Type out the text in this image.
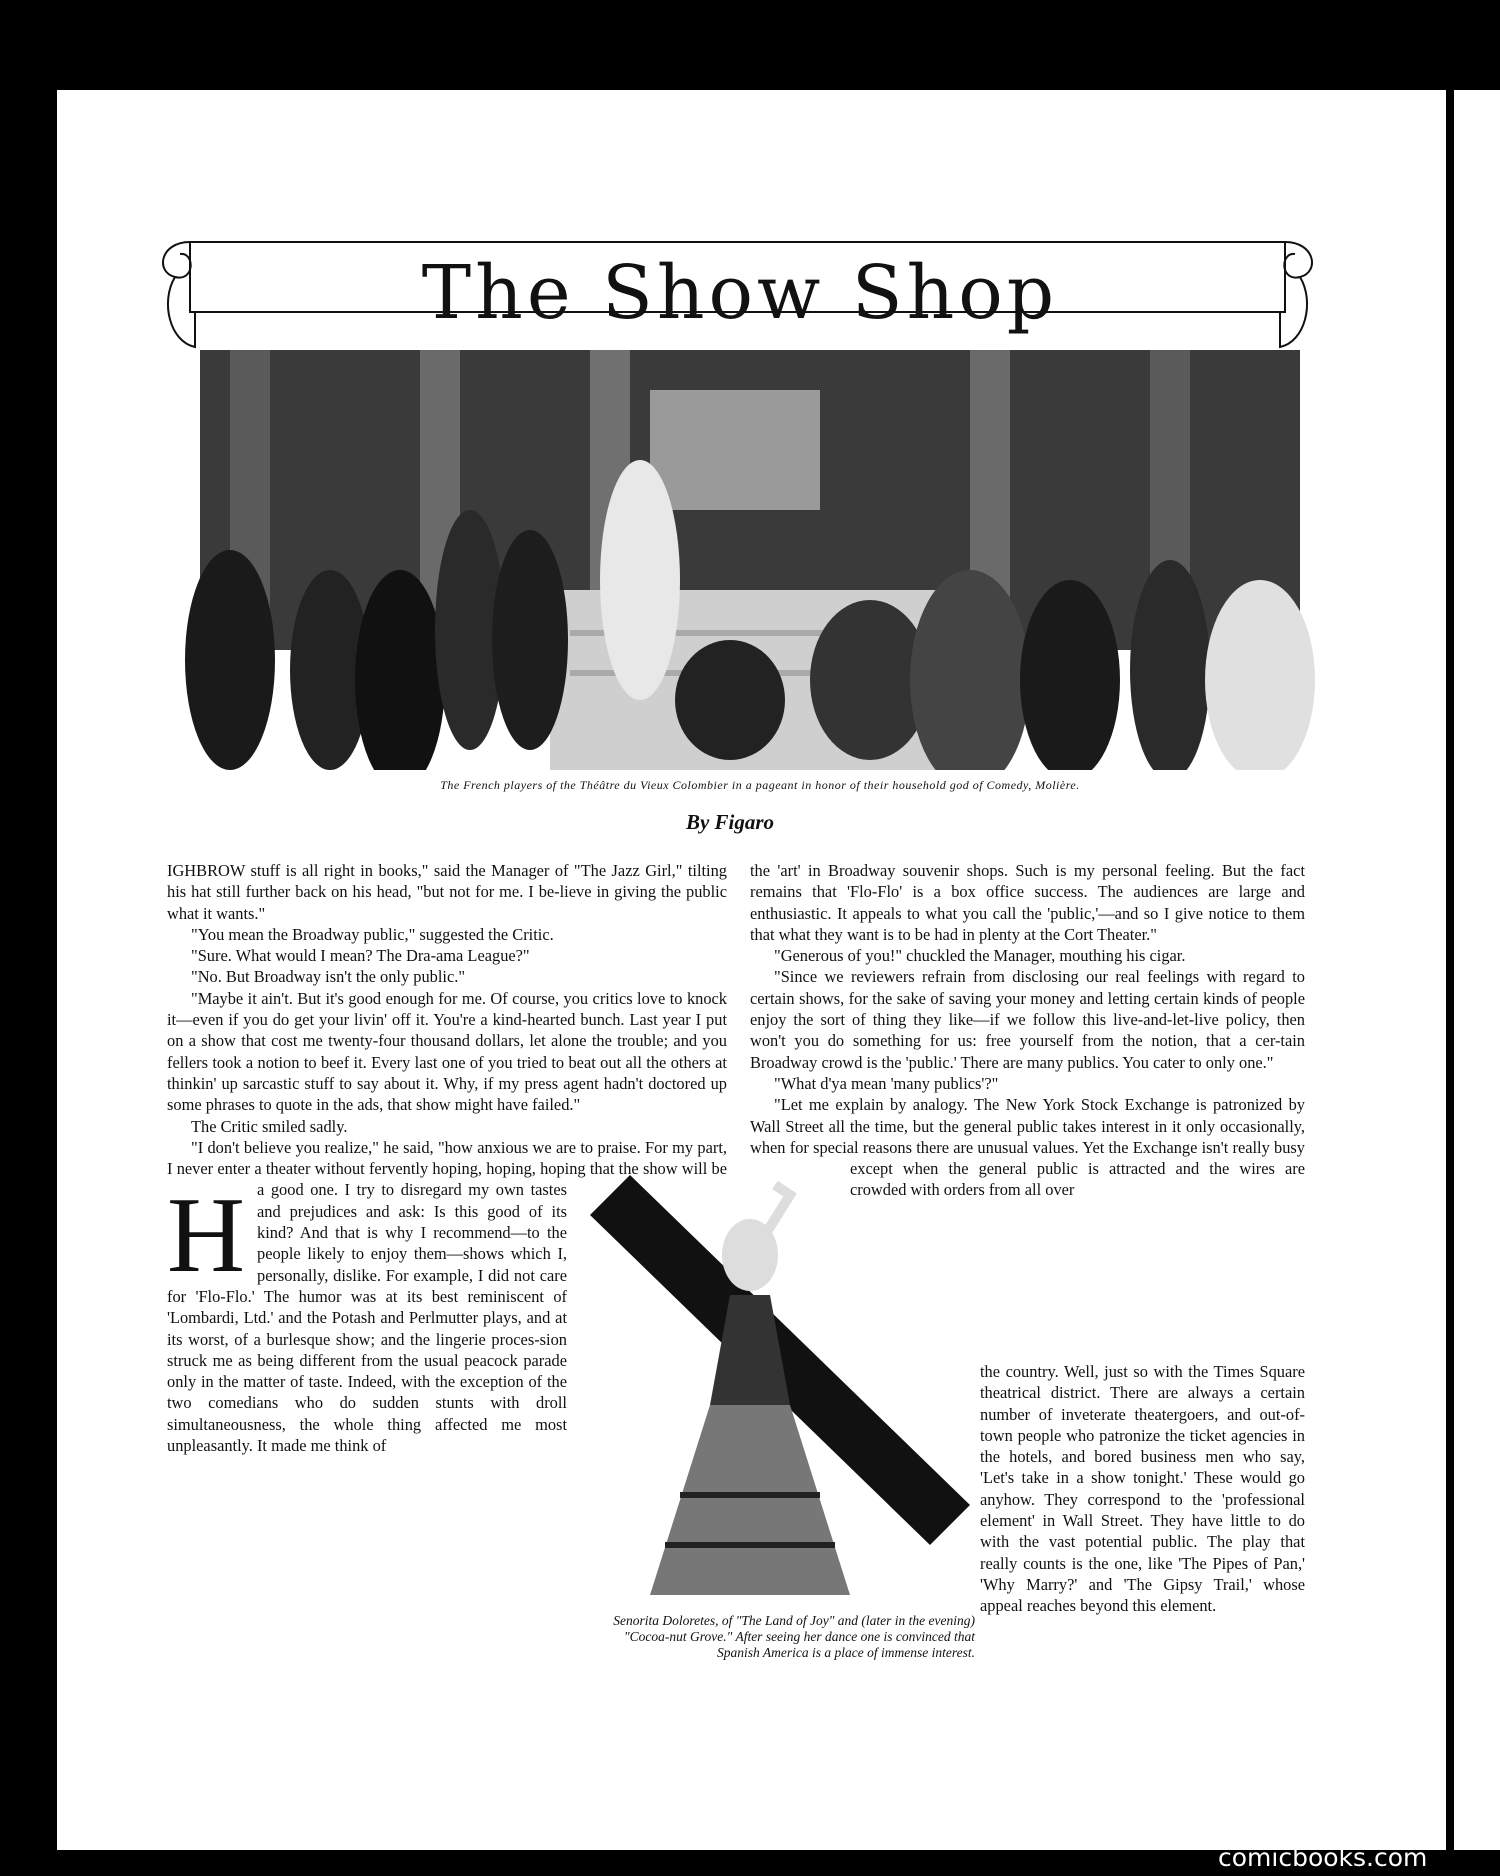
The Show Shop
The French players of the Théâtre du Vieux Colombier in a pageant in honor of their household god of Comedy, Molière.
By Figaro
H

IGHBROW stuff is all right in books," said the Manager of "The Jazz Girl," tilting his hat still further back on his head, "but not for me. I be-lieve in giving the public what it wants."

"You mean the Broadway public," suggested the Critic.

"Sure. What would I mean? The Dra-ama League?"

"No. But Broadway isn't the only public."

"Maybe it ain't. But it's good enough for me. Of course, you critics love to knock it—even if you do get your livin' off it. You're a kind-hearted bunch. Last year I put on a show that cost me twenty-four thousand dollars, let alone the trouble; and you fellers took a notion to beef it. Every last one of you tried to beat out all the others at thinkin' up sarcastic stuff to say about it. Why, if my press agent hadn't doctored up some phrases to quote in the ads, that show might have failed."

The Critic smiled sadly.

"I don't believe you realize," he said, "how anxious we are to praise. For my part, I never enter a theater without fervently hoping, hoping, hoping that the show will be a good one. I try to disregard my own tastes and prejudices and ask: Is this good of its kind? And that is why I recommend—to the people likely to enjoy them—shows which I, personally, dislike. For example, I did not care for 'Flo-Flo.' The humor was at its best reminiscent of 'Lombardi, Ltd.' and the Potash and Perlmutter plays, and at its worst, of a burlesque show; and the lingerie proces-sion struck me as being different from the usual peacock parade only in the matter of taste. Indeed, with the exception of the two comedians who do sudden stunts with droll simultaneousness, the whole thing affected me most unpleasantly. It made me think of

the 'art' in Broadway souvenir shops. Such is my personal feeling. But the fact remains that 'Flo-Flo' is a box office success. The audiences are large and enthusiastic. It appeals to what you call the 'public,'—and so I give notice to them that what they want is to be had in plenty at the Cort Theater."

"Generous of you!" chuckled the Manager, mouthing his cigar.

"Since we reviewers refrain from disclosing our real feelings with regard to certain shows, for the sake of saving your money and letting certain kinds of people enjoy the sort of thing they like—if we follow this live-and-let-live policy, then won't you do something for us: free yourself from the notion, that a cer-tain Broadway crowd is the 'public.' There are many publics. You cater to only one."

"What d'ya mean 'many publics'?"

"Let me explain by analogy. The New York Stock Exchange is patronized by Wall Street all the time, but the general public takes interest in it only occasionally, when for special reasons there are unusual values. Yet the Exchange isn't really busy except when the general public is attracted and the wires are crowded with orders from all over

the country. Well, just so with the Times Square theatrical district. There are always a certain number of inveterate theatergoers, and out-of-town people who patronize the ticket agencies in the hotels, and bored business men who say, 'Let's take in a show tonight.' These would go anyhow. They correspond to the 'professional element' in Wall Street. They have little to do with the vast potential public. The play that really counts is the one, like 'The Pipes of Pan,' 'Why Marry?' and 'The Gipsy Trail,' whose appeal reaches beyond this element.

Senorita Doloretes, of "The Land of Joy" and (later in the evening) "Cocoa-nut Grove." After seeing her dance one is convinced that Spanish America is a place of immense interest.
comicbooks.com
